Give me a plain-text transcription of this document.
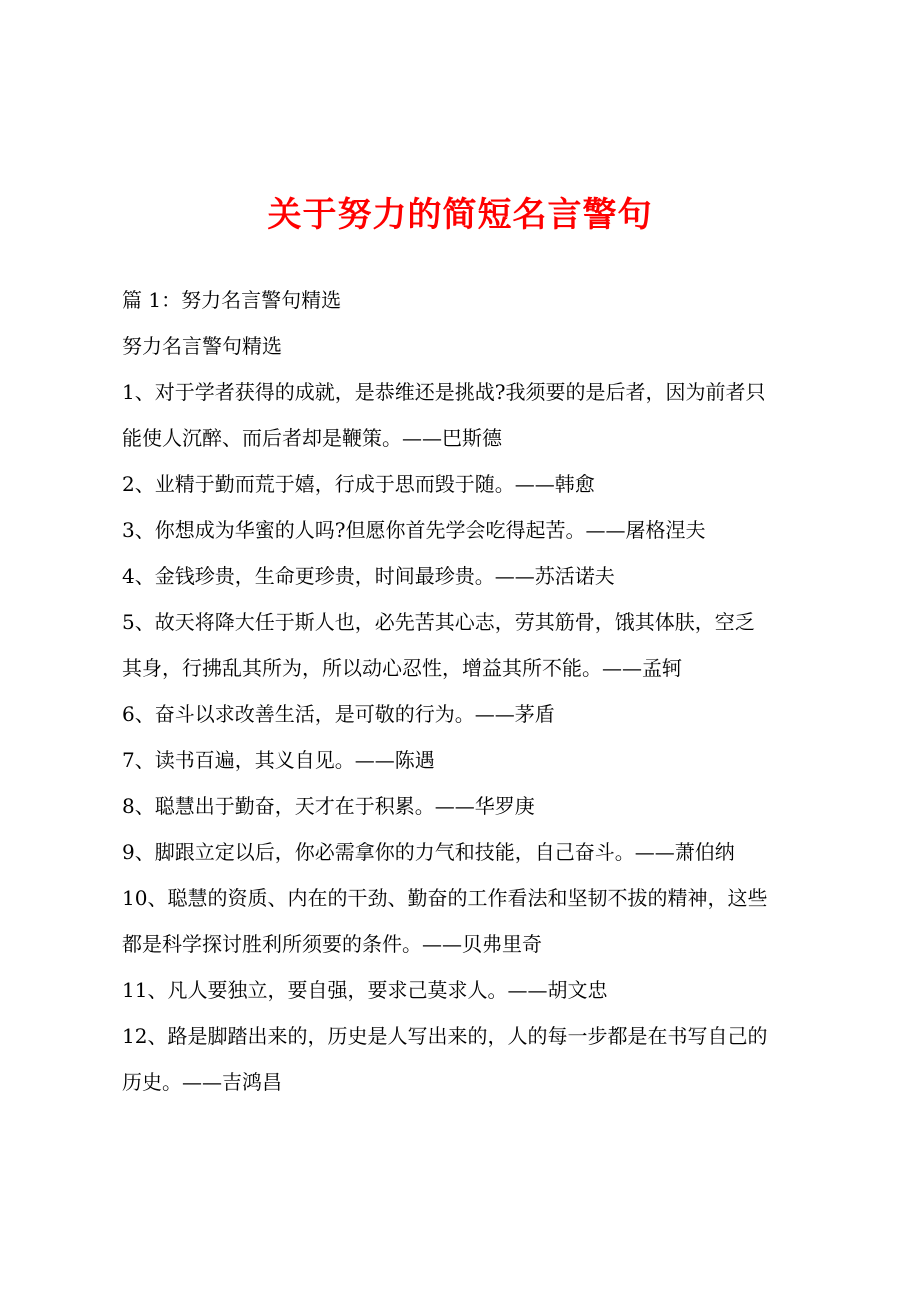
关于努力的简短名言警句
篇 1：努力名言警句精选
努力名言警句精选
1、对于学者获得的成就，是恭维还是挑战?我须要的是后者，因为前者只
能使人沉醉、而后者却是鞭策。——巴斯德
2、业精于勤而荒于嬉，行成于思而毁于随。——韩愈
3、你想成为华蜜的人吗?但愿你首先学会吃得起苦。——屠格涅夫
4、金钱珍贵，生命更珍贵，时间最珍贵。——苏活诺夫
5、故天将降大任于斯人也，必先苦其心志，劳其筋骨，饿其体肤，空乏
其身，行拂乱其所为，所以动心忍性，增益其所不能。——孟轲
6、奋斗以求改善生活，是可敬的行为。——茅盾
7、读书百遍，其义自见。——陈遇
8、聪慧出于勤奋，天才在于积累。——华罗庚
9、脚跟立定以后，你必需拿你的力气和技能，自己奋斗。——萧伯纳
10、聪慧的资质、内在的干劲、勤奋的工作看法和坚韧不拔的精神，这些
都是科学探讨胜利所须要的条件。——贝弗里奇
11、凡人要独立，要自强，要求己莫求人。——胡文忠
12、路是脚踏出来的，历史是人写出来的，人的每一步都是在书写自己的
历史。——吉鸿昌
